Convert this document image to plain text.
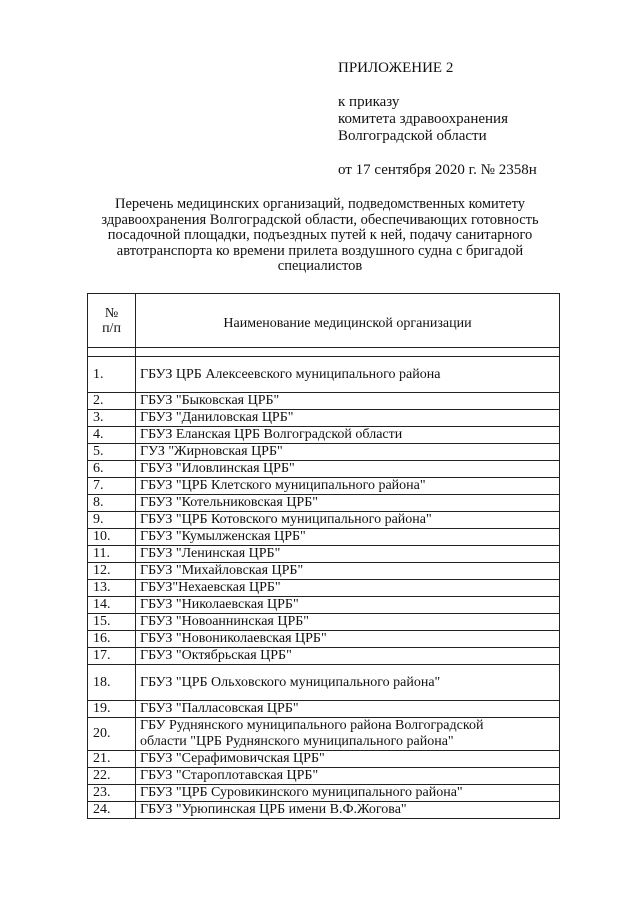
ПРИЛОЖЕНИЕ 2
к приказу
комитета здравоохранения
Волгоградской области
от 17 сентября 2020 г. № 2358н
Перечень медицинских организаций, подведомственных комитету
здравоохранения Волгоградской области, обеспечивающих готовность
посадочной площадки, подъездных путей к ней, подачу санитарного
автотранспорта ко времени прилета воздушного судна с бригадой
специалистов
№
п/п	Наименование медицинской организации

1.	ГБУЗ ЦРБ Алексеевского муниципального района
2.	ГБУЗ "Быковская ЦРБ"
3.	ГБУЗ "Даниловская ЦРБ"
4.	ГБУЗ Еланская ЦРБ Волгоградской области
5.	ГУЗ "Жирновская ЦРБ"
6.	ГБУЗ "Иловлинская ЦРБ"
7.	ГБУЗ "ЦРБ Клетского муниципального района"
8.	ГБУЗ "Котельниковская ЦРБ"
9.	ГБУЗ "ЦРБ Котовского муниципального района"
10.	ГБУЗ "Кумылженская ЦРБ"
11.	ГБУЗ "Ленинская ЦРБ"
12.	ГБУЗ "Михайловская ЦРБ"
13.	ГБУЗ"Нехаевская ЦРБ"
14.	ГБУЗ "Николаевская ЦРБ"
15.	ГБУЗ "Новоаннинская ЦРБ"
16.	ГБУЗ "Новониколаевская ЦРБ"
17.	ГБУЗ "Октябрьская ЦРБ"
18.	ГБУЗ "ЦРБ Ольховского муниципального района"
19.	ГБУЗ "Палласовская ЦРБ"
20.	ГБУ Руднянского муниципального района Волгоградской
области "ЦРБ Руднянского муниципального района"

21.	ГБУЗ "Серафимовичская ЦРБ"
22.	ГБУЗ "Староплотавская ЦРБ"
23.	ГБУЗ "ЦРБ Суровикинского муниципального района"
24.	ГБУЗ "Урюпинская ЦРБ имени В.Ф.Жогова"
